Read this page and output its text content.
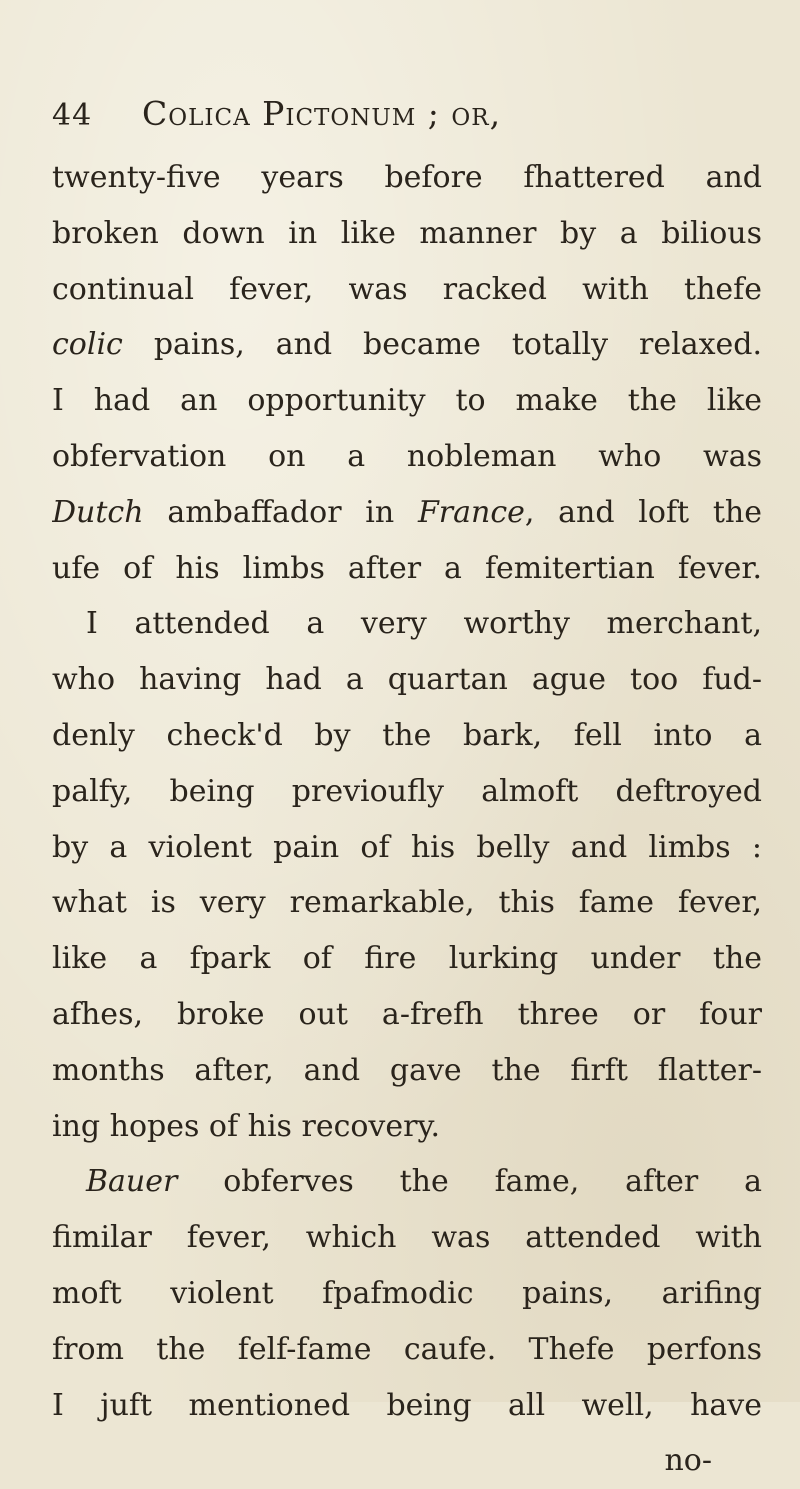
44 Colica Pictonum ; or,
twenty-five years before fhattered and
broken down in like manner by a bilious
continual fever, was racked with thefe
colic pains, and became totally relaxed.
I had an opportunity to make the like
obfervation on a nobleman who was
Dutch ambaffador in France, and loft the
ufe of his limbs after a femitertian fever.
I attended a very worthy merchant,
who having had a quartan ague too fud-
denly check'd by the bark, fell into a
palfy, being previoufly almoft deftroyed
by a violent pain of his belly and limbs :
what is very remarkable, this fame fever,
like a fpark of fire lurking under the
afhes, broke out a-frefh three or four
months after, and gave the firft flatter-
ing hopes of his recovery.
Bauer obferves the fame, after a
fimilar fever, which was attended with
moft violent fpafmodic pains, arifing
from the felf-fame caufe. Thefe perfons
I juft mentioned being all well, have
no-
